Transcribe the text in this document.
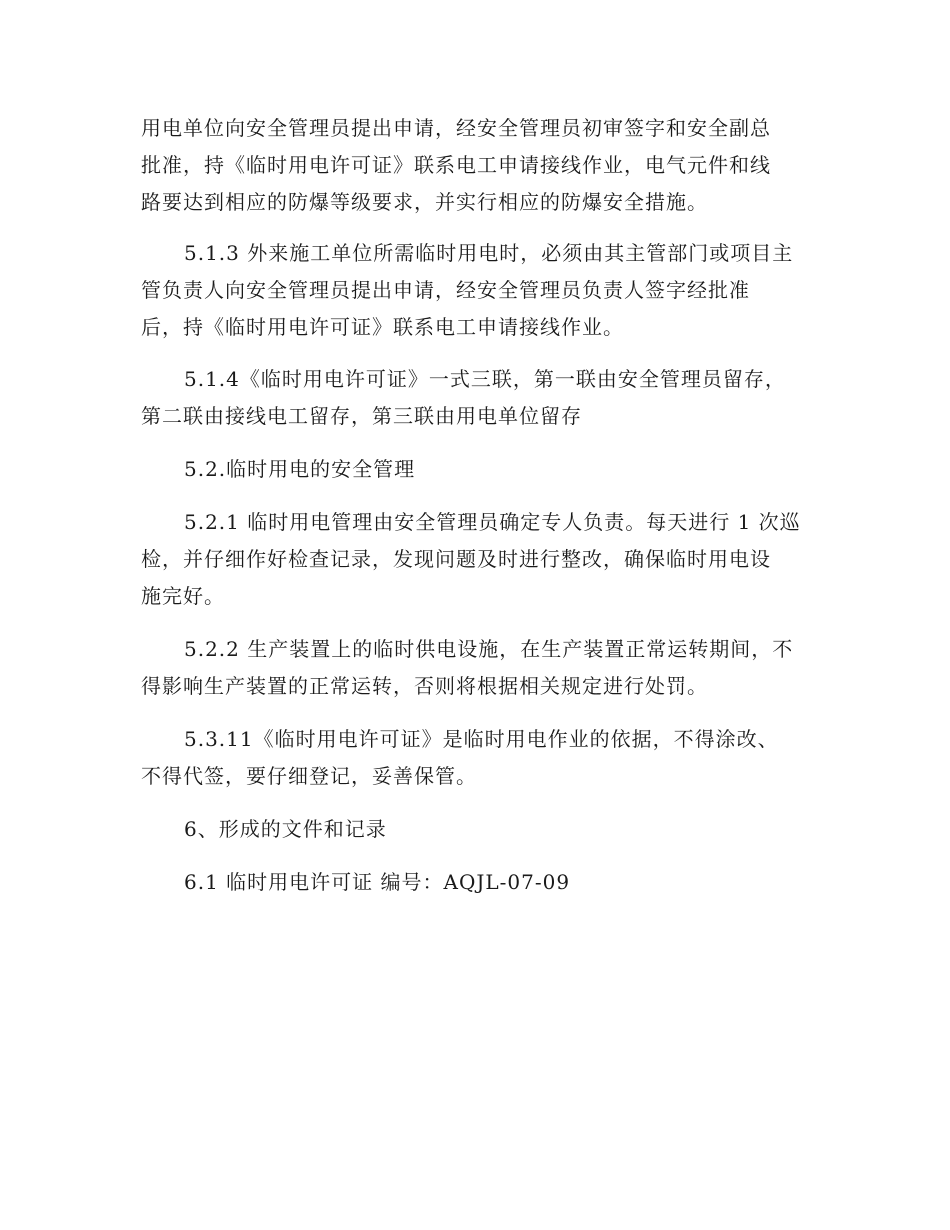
用电单位向安全管理员提出申请，经安全管理员初审签字和安全副总
批准，持《临时用电许可证》联系电工申请接线作业，电气元件和线
路要达到相应的防爆等级要求，并实行相应的防爆安全措施。
5.1.3 外来施工单位所需临时用电时，必须由其主管部门或项目主
管负责人向安全管理员提出申请，经安全管理员负责人签字经批准
后，持《临时用电许可证》联系电工申请接线作业。
5.1.4《临时用电许可证》一式三联，第一联由安全管理员留存，
第二联由接线电工留存，第三联由用电单位留存
5.2.临时用电的安全管理
5.2.1 临时用电管理由安全管理员确定专人负责。每天进行 1 次巡
检，并仔细作好检查记录，发现问题及时进行整改，确保临时用电设
施完好。
5.2.2 生产装置上的临时供电设施，在生产装置正常运转期间，不
得影响生产装置的正常运转，否则将根据相关规定进行处罚。
5.3.11《临时用电许可证》是临时用电作业的依据，不得涂改、
不得代签，要仔细登记，妥善保管。
6、形成的文件和记录
6.1 临时用电许可证 编号：AQJL-07-09
